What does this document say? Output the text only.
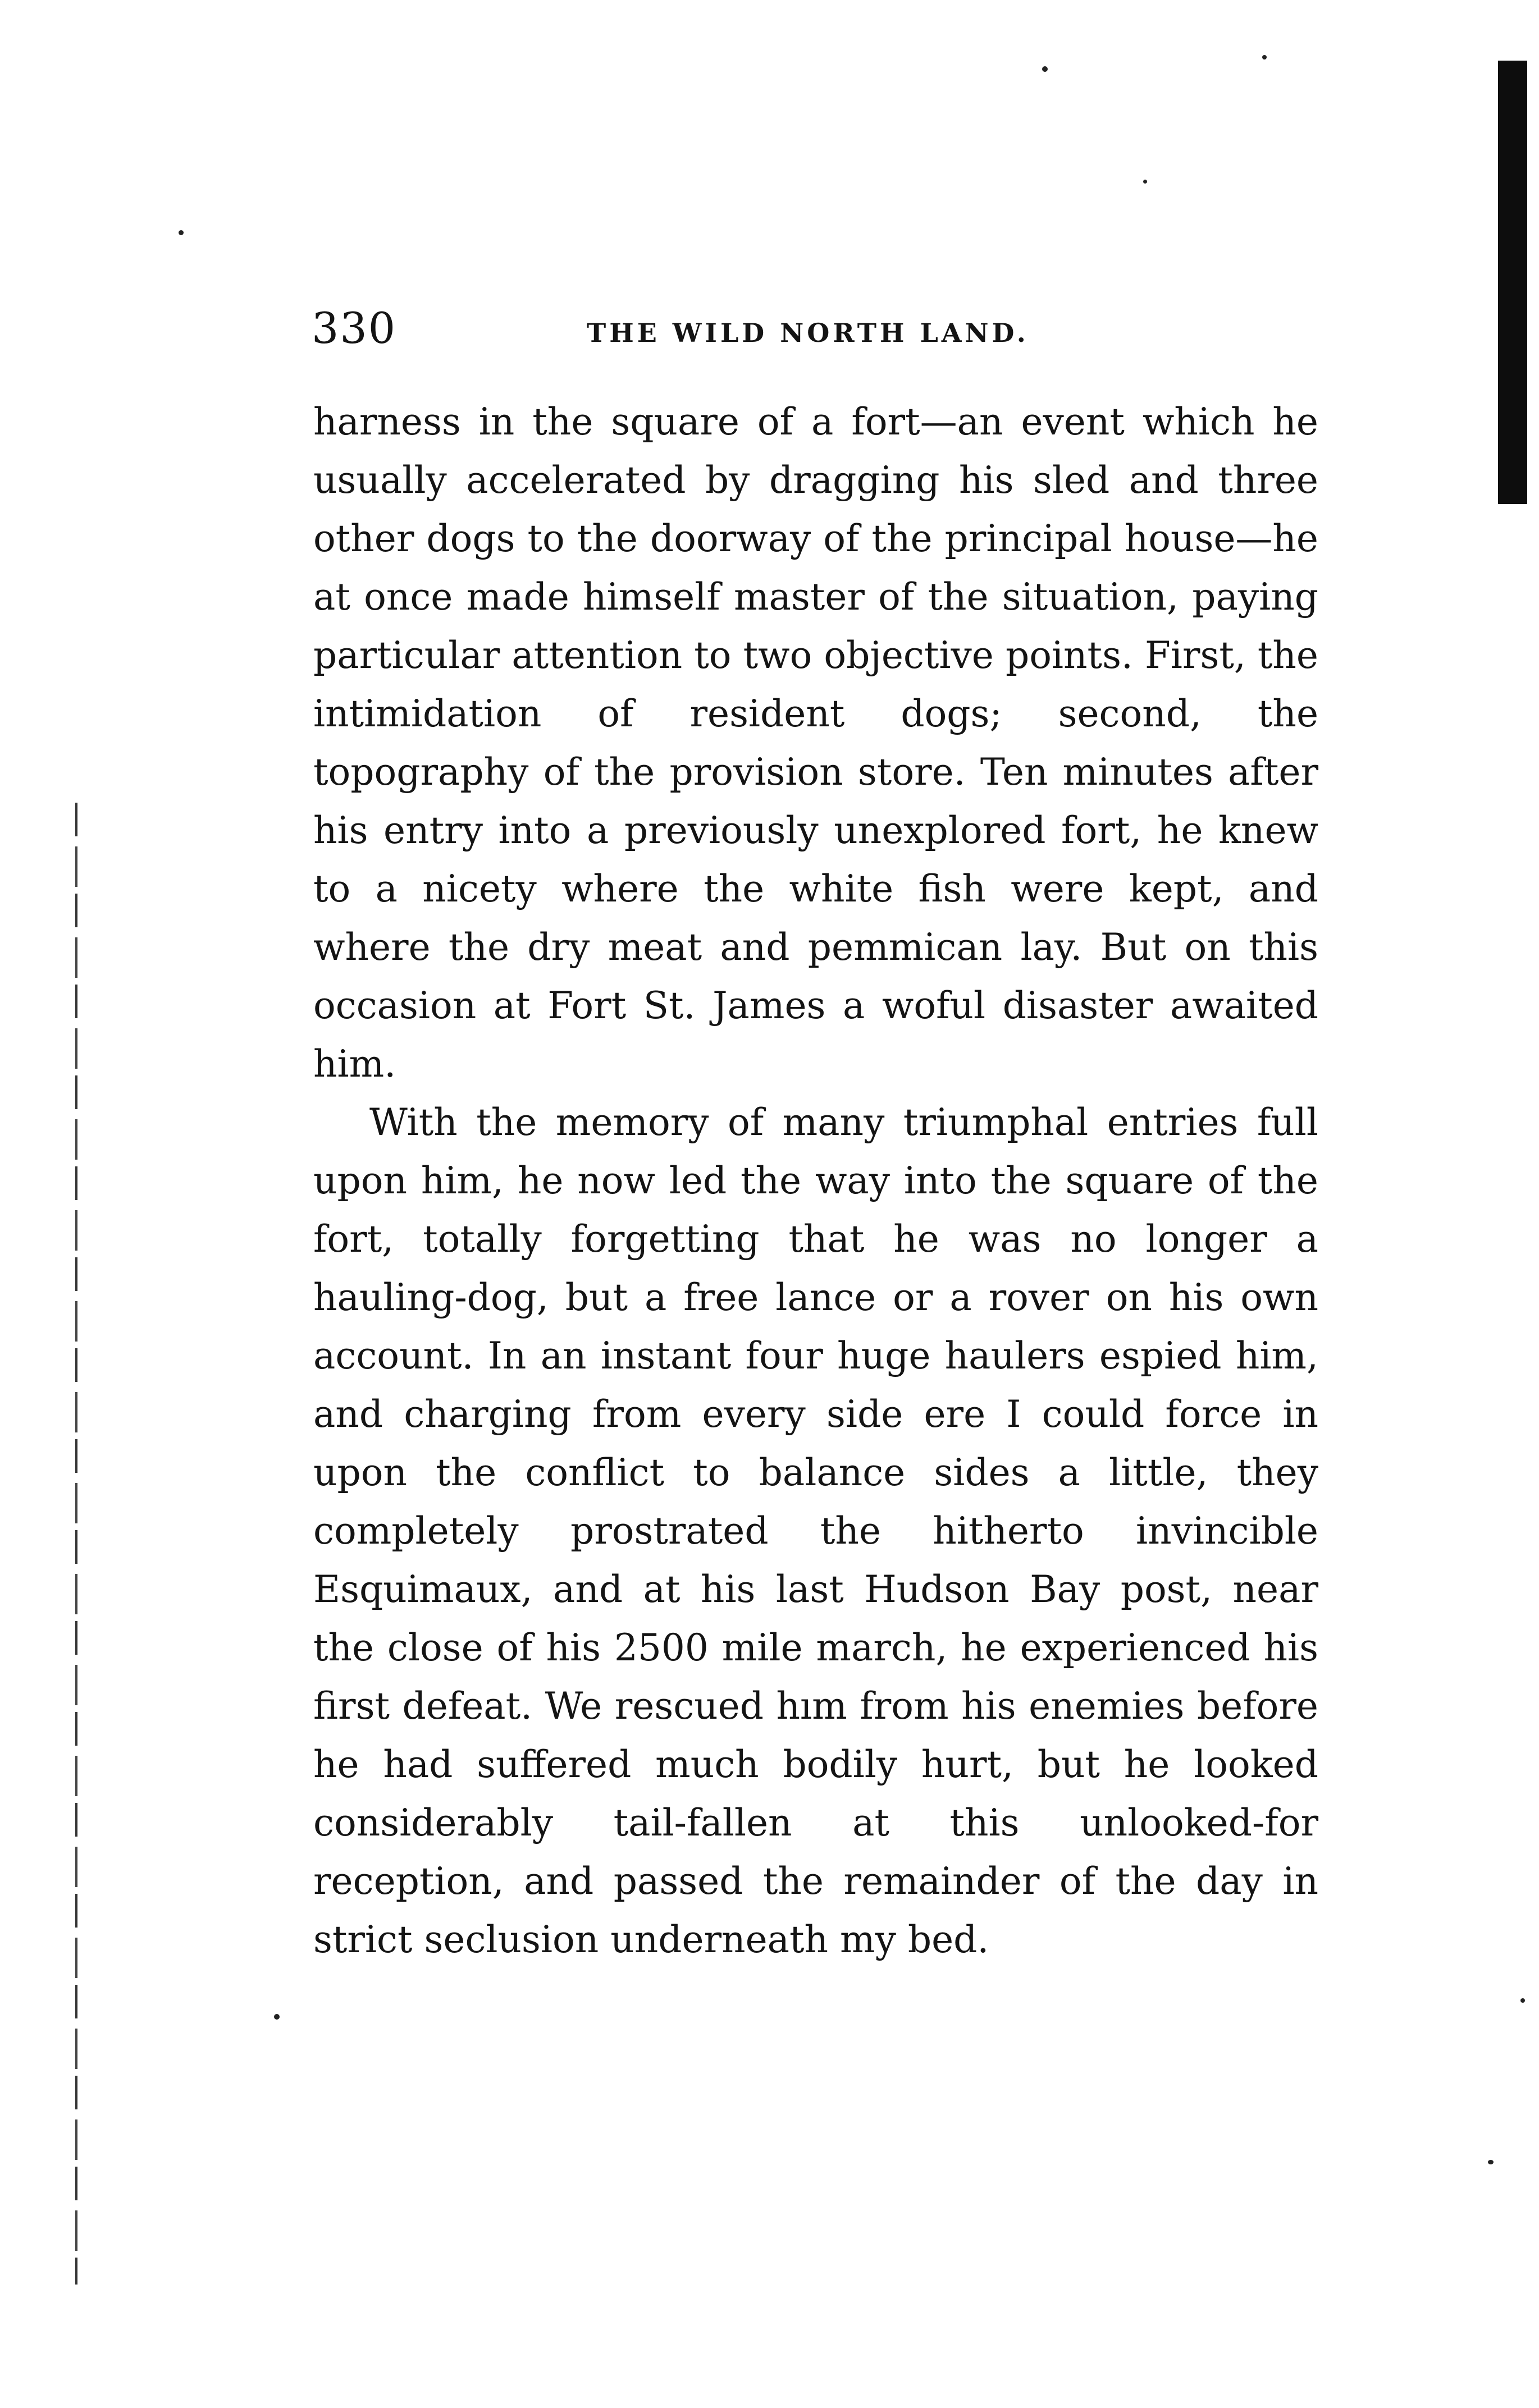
330	THE WILD NORTH LAND.

harness in the square of a fort—an event which he usually accelerated by dragging his sled and three other dogs to the doorway of the principal house—he at once made himself master of the situation, paying particular attention to two objective points. First, the intimidation of resident dogs; second, the topography of the provision store. Ten minutes after his entry into a previously unexplored fort, he knew to a nicety where the white fish were kept, and where the dry meat and pemmican lay. But on this occasion at Fort St. James a woful disaster awaited him.

With the memory of many triumphal entries full upon him, he now led the way into the square of the fort, totally forgetting that he was no longer a hauling-dog, but a free lance or a rover on his own account. In an instant four huge haulers espied him, and charging from every side ere I could force in upon the conflict to balance sides a little, they completely prostrated the hitherto invincible Esquimaux, and at his last Hudson Bay post, near the close of his 2500 mile march, he experienced his first defeat. We rescued hım from his enemies before he had suffered much bodily hurt, but he looked considerably tail-fallen at this unlooked-for reception, and passed the remainder of the day in strict seclusion underneath my bed.
